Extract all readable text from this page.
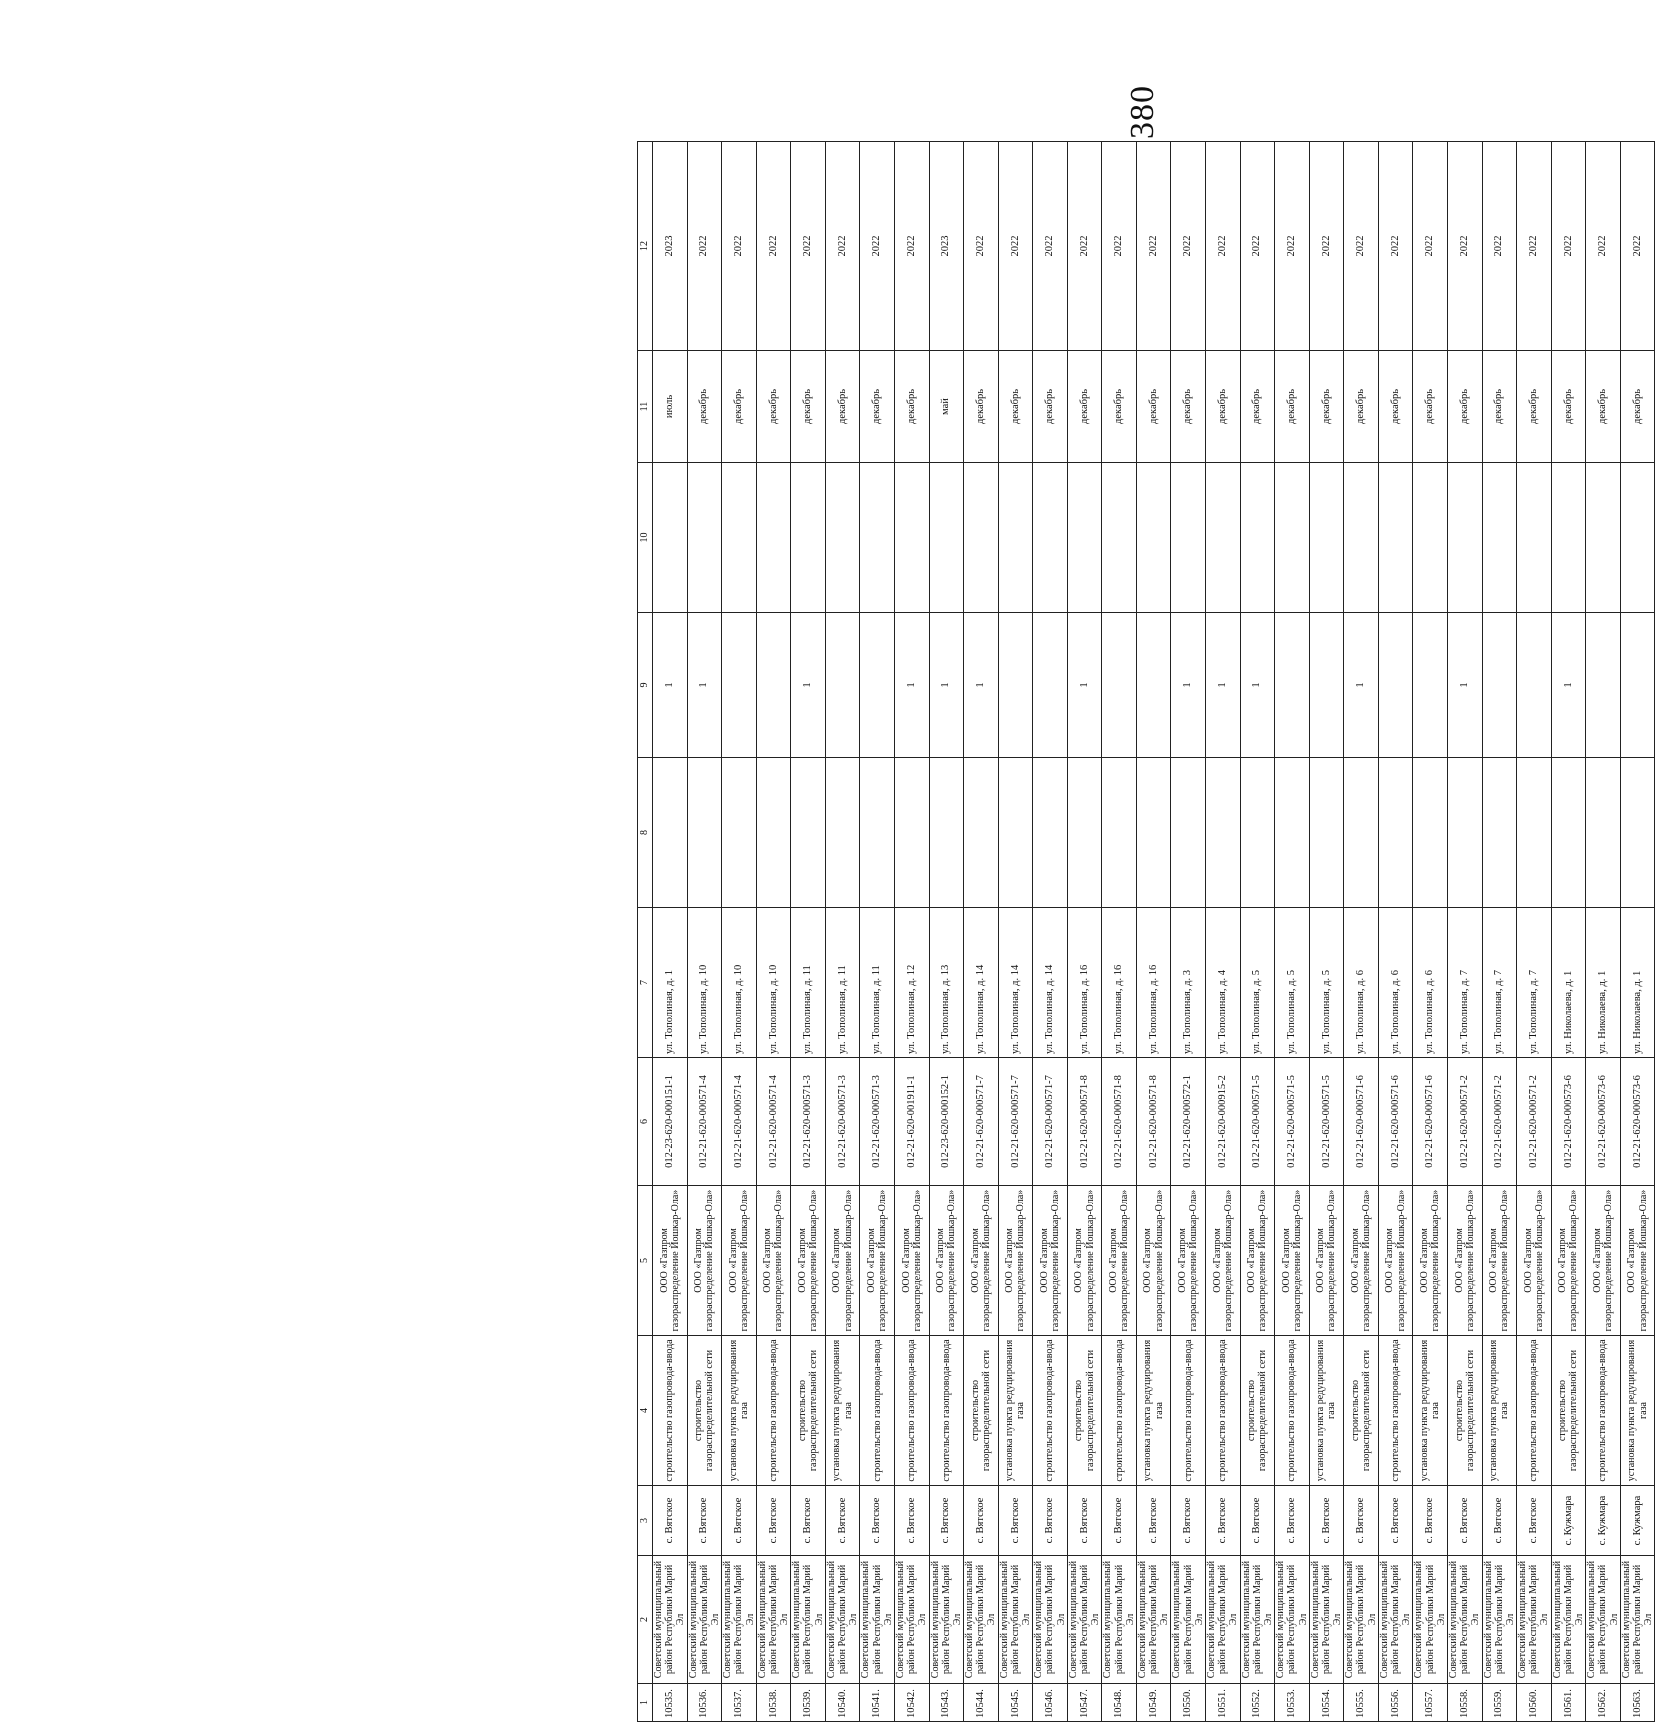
380
1	2	3	4	5	6	7	8	9	10	11	12
10535.	Советский муниципальный район Республики Марий Эл	с. Вятское	строительство газопровода-ввода	ООО «Газпром газораспределение Йошкар-Ола»	012-23-620-000151-1	ул. Тополиная, д. 1		1		июль	2023
10536.	Советский муниципальный район Республики Марий Эл	с. Вятское	строительство газораспределительной сети	ООО «Газпром газораспределение Йошкар-Ола»	012-21-620-000571-4	ул. Тополиная, д. 10		1		декабрь	2022
10537.	Советский муниципальный район Республики Марий Эл	с. Вятское	установка пункта редуцирования газа	ООО «Газпром газораспределение Йошкар-Ола»	012-21-620-000571-4	ул. Тополиная, д. 10				декабрь	2022
10538.	Советский муниципальный район Республики Марий Эл	с. Вятское	строительство газопровода-ввода	ООО «Газпром газораспределение Йошкар-Ола»	012-21-620-000571-4	ул. Тополиная, д. 10				декабрь	2022
10539.	Советский муниципальный район Республики Марий Эл	с. Вятское	строительство газораспределительной сети	ООО «Газпром газораспределение Йошкар-Ола»	012-21-620-000571-3	ул. Тополиная, д. 11		1		декабрь	2022
10540.	Советский муниципальный район Республики Марий Эл	с. Вятское	установка пункта редуцирования газа	ООО «Газпром газораспределение Йошкар-Ола»	012-21-620-000571-3	ул. Тополиная, д. 11				декабрь	2022
10541.	Советский муниципальный район Республики Марий Эл	с. Вятское	строительство газопровода-ввода	ООО «Газпром газораспределение Йошкар-Ола»	012-21-620-000571-3	ул. Тополиная, д. 11				декабрь	2022
10542.	Советский муниципальный район Республики Марий Эл	с. Вятское	строительство газопровода-ввода	ООО «Газпром газораспределение Йошкар-Ола»	012-21-620-001911-1	ул. Тополиная, д. 12		1		декабрь	2022
10543.	Советский муниципальный район Республики Марий Эл	с. Вятское	строительство газопровода-ввода	ООО «Газпром газораспределение Йошкар-Ола»	012-23-620-000152-1	ул. Тополиная, д. 13		1		май	2023
10544.	Советский муниципальный район Республики Марий Эл	с. Вятское	строительство газораспределительной сети	ООО «Газпром газораспределение Йошкар-Ола»	012-21-620-000571-7	ул. Тополиная, д. 14		1		декабрь	2022
10545.	Советский муниципальный район Республики Марий Эл	с. Вятское	установка пункта редуцирования газа	ООО «Газпром газораспределение Йошкар-Ола»	012-21-620-000571-7	ул. Тополиная, д. 14				декабрь	2022
10546.	Советский муниципальный район Республики Марий Эл	с. Вятское	строительство газопровода-ввода	ООО «Газпром газораспределение Йошкар-Ола»	012-21-620-000571-7	ул. Тополиная, д. 14				декабрь	2022
10547.	Советский муниципальный район Республики Марий Эл	с. Вятское	строительство газораспределительной сети	ООО «Газпром газораспределение Йошкар-Ола»	012-21-620-000571-8	ул. Тополиная, д. 16		1		декабрь	2022
10548.	Советский муниципальный район Республики Марий Эл	с. Вятское	строительство газопровода-ввода	ООО «Газпром газораспределение Йошкар-Ола»	012-21-620-000571-8	ул. Тополиная, д. 16				декабрь	2022
10549.	Советский муниципальный район Республики Марий Эл	с. Вятское	установка пункта редуцирования газа	ООО «Газпром газораспределение Йошкар-Ола»	012-21-620-000571-8	ул. Тополиная, д. 16				декабрь	2022
10550.	Советский муниципальный район Республики Марий Эл	с. Вятское	строительство газопровода-ввода	ООО «Газпром газораспределение Йошкар-Ола»	012-21-620-000572-1	ул. Тополиная, д. 3		1		декабрь	2022
10551.	Советский муниципальный район Республики Марий Эл	с. Вятское	строительство газопровода-ввода	ООО «Газпром газораспределение Йошкар-Ола»	012-21-620-000915-2	ул. Тополиная, д. 4		1		декабрь	2022
10552.	Советский муниципальный район Республики Марий Эл	с. Вятское	строительство газораспределительной сети	ООО «Газпром газораспределение Йошкар-Ола»	012-21-620-000571-5	ул. Тополиная, д. 5		1		декабрь	2022
10553.	Советский муниципальный район Республики Марий Эл	с. Вятское	строительство газопровода-ввода	ООО «Газпром газораспределение Йошкар-Ола»	012-21-620-000571-5	ул. Тополиная, д. 5				декабрь	2022
10554.	Советский муниципальный район Республики Марий Эл	с. Вятское	установка пункта редуцирования газа	ООО «Газпром газораспределение Йошкар-Ола»	012-21-620-000571-5	ул. Тополиная, д. 5				декабрь	2022
10555.	Советский муниципальный район Республики Марий Эл	с. Вятское	строительство газораспределительной сети	ООО «Газпром газораспределение Йошкар-Ола»	012-21-620-000571-6	ул. Тополиная, д. 6		1		декабрь	2022
10556.	Советский муниципальный район Республики Марий Эл	с. Вятское	строительство газопровода-ввода	ООО «Газпром газораспределение Йошкар-Ола»	012-21-620-000571-6	ул. Тополиная, д. 6				декабрь	2022
10557.	Советский муниципальный район Республики Марий Эл	с. Вятское	установка пункта редуцирования газа	ООО «Газпром газораспределение Йошкар-Ола»	012-21-620-000571-6	ул. Тополиная, д. 6				декабрь	2022
10558.	Советский муниципальный район Республики Марий Эл	с. Вятское	строительство газораспределительной сети	ООО «Газпром газораспределение Йошкар-Ола»	012-21-620-000571-2	ул. Тополиная, д. 7		1		декабрь	2022
10559.	Советский муниципальный район Республики Марий Эл	с. Вятское	установка пункта редуцирования газа	ООО «Газпром газораспределение Йошкар-Ола»	012-21-620-000571-2	ул. Тополиная, д. 7				декабрь	2022
10560.	Советский муниципальный район Республики Марий Эл	с. Вятское	строительство газопровода-ввода	ООО «Газпром газораспределение Йошкар-Ола»	012-21-620-000571-2	ул. Тополиная, д. 7				декабрь	2022
10561.	Советский муниципальный район Республики Марий Эл	с. Кужмара	строительство газораспределительной сети	ООО «Газпром газораспределение Йошкар-Ола»	012-21-620-000573-6	ул. Николаева, д. 1		1		декабрь	2022
10562.	Советский муниципальный район Республики Марий Эл	с. Кужмара	строительство газопровода-ввода	ООО «Газпром газораспределение Йошкар-Ола»	012-21-620-000573-6	ул. Николаева, д. 1				декабрь	2022
10563.	Советский муниципальный район Республики Марий Эл	с. Кужмара	установка пункта редуцирования газа	ООО «Газпром газораспределение Йошкар-Ола»	012-21-620-000573-6	ул. Николаева, д. 1				декабрь	2022
